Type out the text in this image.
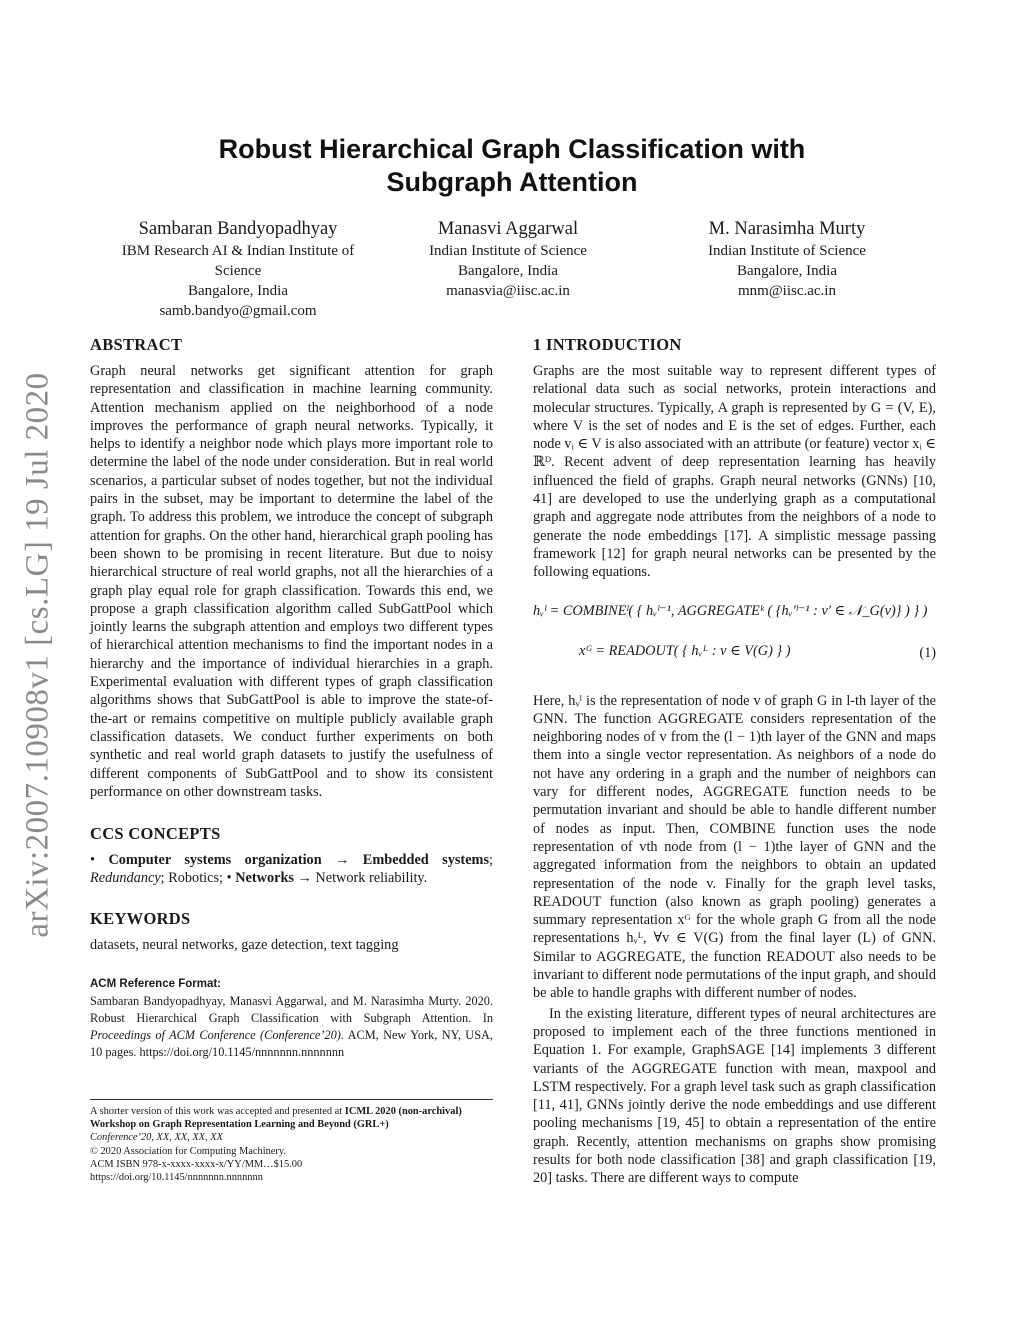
arXiv:2007.10908v1 [cs.LG] 19 Jul 2020
Robust Hierarchical Graph Classification with
Subgraph Attention
Sambaran Bandyopadhyay
IBM Research AI & Indian Institute of
Science
Bangalore, India
samb.bandyo@gmail.com
Manasvi Aggarwal
Indian Institute of Science
Bangalore, India
manasvia@iisc.ac.in
M. Narasimha Murty
Indian Institute of Science
Bangalore, India
mnm@iisc.ac.in
ABSTRACT

Graph neural networks get significant attention for graph representation and classification in machine learning community. Attention mechanism applied on the neighborhood of a node improves the performance of graph neural networks. Typically, it helps to identify a neighbor node which plays more important role to determine the label of the node under consideration. But in real world scenarios, a particular subset of nodes together, but not the individual pairs in the subset, may be important to determine the label of the graph. To address this problem, we introduce the concept of subgraph attention for graphs. On the other hand, hierarchical graph pooling has been shown to be promising in recent literature. But due to noisy hierarchical structure of real world graphs, not all the hierarchies of a graph play equal role for graph classification. Towards this end, we propose a graph classification algorithm called SubGattPool which jointly learns the subgraph attention and employs two different types of hierarchical attention mechanisms to find the important nodes in a hierarchy and the importance of individual hierarchies in a graph. Experimental evaluation with different types of graph classification algorithms shows that SubGattPool is able to improve the state-of-the-art or remains competitive on multiple publicly available graph classification datasets. We conduct further experiments on both synthetic and real world graph datasets to justify the usefulness of different components of SubGattPool and to show its consistent performance on other downstream tasks.

CCS CONCEPTS

• Computer systems organization → Embedded systems; Redundancy; Robotics; • Networks → Network reliability.

KEYWORDS

datasets, neural networks, gaze detection, text tagging

ACM Reference Format:
Sambaran Bandyopadhyay, Manasvi Aggarwal, and M. Narasimha Murty. 2020. Robust Hierarchical Graph Classification with Subgraph Attention. In Proceedings of ACM Conference (Conference’20). ACM, New York, NY, USA, 10 pages. https://doi.org/10.1145/nnnnnnn.nnnnnnn
A shorter version of this work was accepted and presented at ICML 2020 (non-archival) Workshop on Graph Representation Learning and Beyond (GRL+)
Conference’20, XX, XX, XX, XX
© 2020 Association for Computing Machinery.
ACM ISBN 978-x-xxxx-xxxx-x/YY/MM…$15.00
https://doi.org/10.1145/nnnnnnn.nnnnnnn
1 INTRODUCTION

Graphs are the most suitable way to represent different types of relational data such as social networks, protein interactions and molecular structures. Typically, A graph is represented by G = (V, E), where V is the set of nodes and E is the set of edges. Further, each node vᵢ ∈ V is also associated with an attribute (or feature) vector xᵢ ∈ ℝᴰ. Recent advent of deep representation learning has heavily influenced the field of graphs. Graph neural networks (GNNs) [10, 41] are developed to use the underlying graph as a computational graph and aggregate node attributes from the neighbors of a node to generate the node embeddings [17]. A simplistic message passing framework [12] for graph neural networks can be presented by the following equations.

hᵥˡ = COMBINEˡ( { hᵥˡ⁻¹, AGGREGATEᵏ ( {hᵥ′ˡ⁻¹ : v′ ∈ 𝒩_G(v)} ) } )
xᴳ = READOUT( { hᵥᴸ : v ∈ V(G) } )	(1)

Here, hᵥˡ is the representation of node v of graph G in l-th layer of the GNN. The function AGGREGATE considers representation of the neighboring nodes of v from the (l − 1)th layer of the GNN and maps them into a single vector representation. As neighbors of a node do not have any ordering in a graph and the number of neighbors can vary for different nodes, AGGREGATE function needs to be permutation invariant and should be able to handle different number of nodes as input. Then, COMBINE function uses the node representation of vth node from (l − 1)the layer of GNN and the aggregated information from the neighbors to obtain an updated representation of the node v. Finally for the graph level tasks, READOUT function (also known as graph pooling) generates a summary representation xᴳ for the whole graph G from all the node representations hᵥᴸ, ∀v ∈ V(G) from the final layer (L) of GNN. Similar to AGGREGATE, the function READOUT also needs to be invariant to different node permutations of the input graph, and should be able to handle graphs with different number of nodes.

In the existing literature, different types of neural architectures are proposed to implement each of the three functions mentioned in Equation 1. For example, GraphSAGE [14] implements 3 different variants of the AGGREGATE function with mean, maxpool and LSTM respectively. For a graph level task such as graph classification [11, 41], GNNs jointly derive the node embeddings and use different pooling mechanisms [19, 45] to obtain a representation of the entire graph. Recently, attention mechanisms on graphs show promising results for both node classification [38] and graph classification [19, 20] tasks. There are different ways to compute
